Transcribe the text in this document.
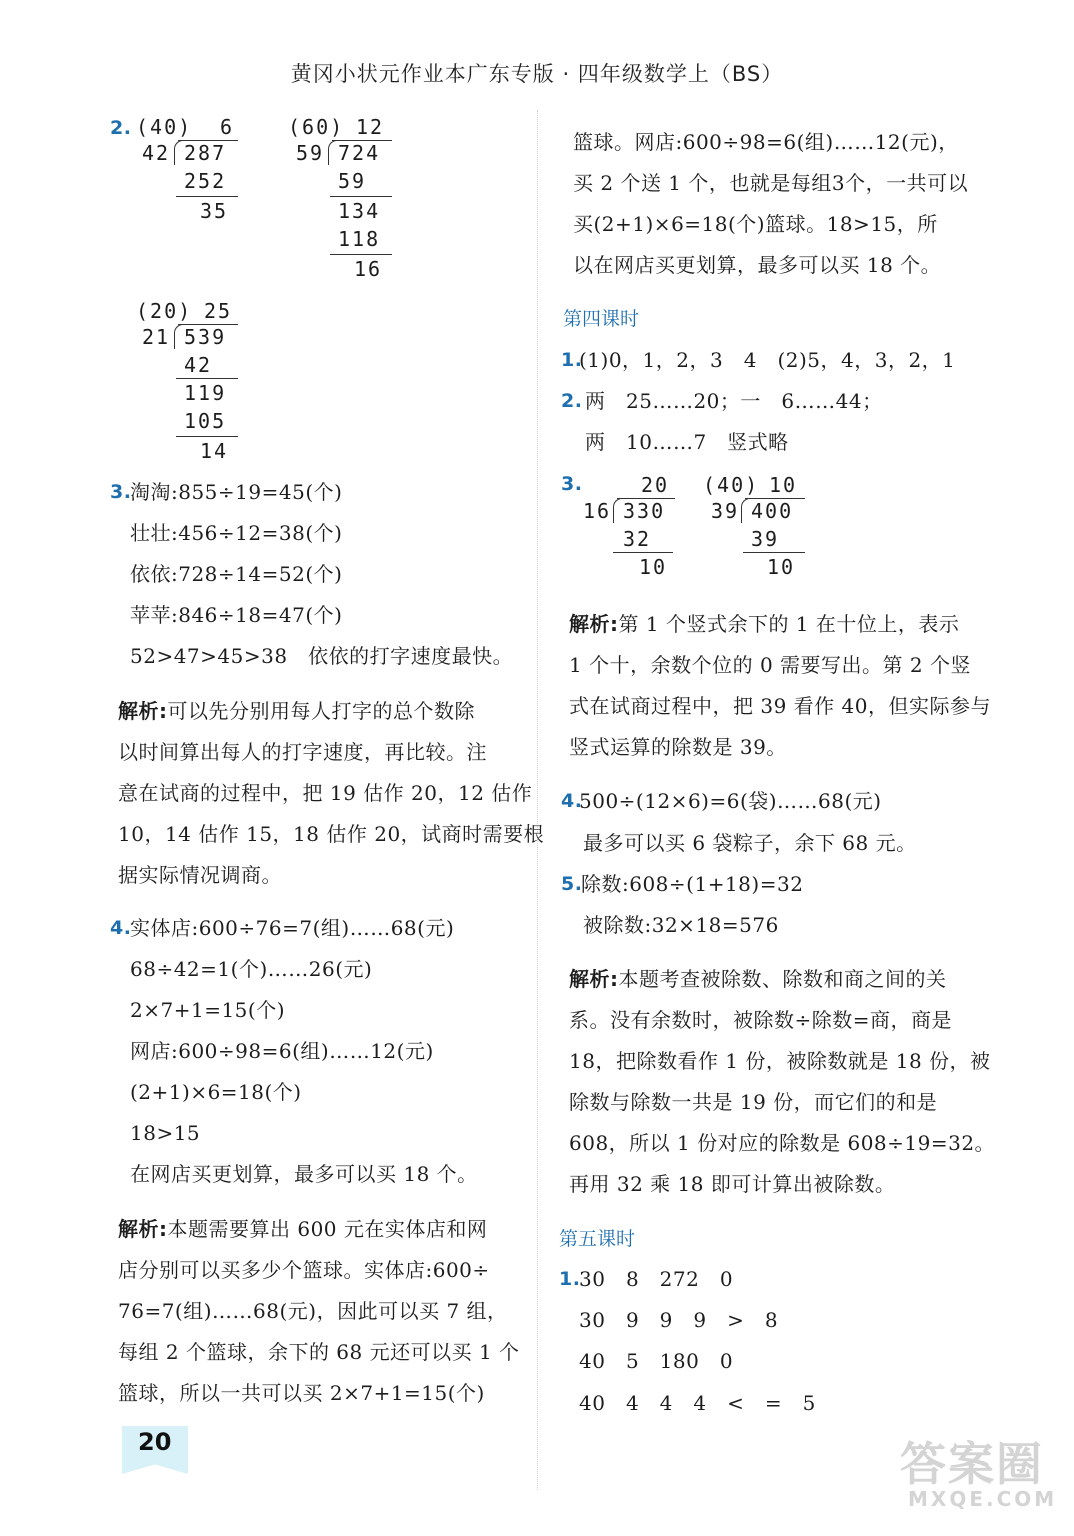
黄冈小状元作业本广东专版 · 四年级数学上（BS）
2. (40) 6
42 287
252
35
(60) 12
59 724
59
134
118
16
(20) 25
21 539
42
119
105
14
3.
淘淘:855÷19=45(个)
壮壮:456÷12=38(个)
依依:728÷14=52(个)
苹苹:846÷18=47(个)
52>47>45>38　依依的打字速度最快。
解析:可以先分别用每人打字的总个数除
以时间算出每人的打字速度，再比较。注
意在试商的过程中，把 19 估作 20，12 估作
10，14 估作 15，18 估作 20，试商时需要根
据实际情况调商。
4.
实体店:600÷76=7(组)……68(元)
68÷42=1(个)……26(元)
2×7+1=15(个)
网店:600÷98=6(组)……12(元)
(2+1)×6=18(个)
18>15
在网店买更划算，最多可以买 18 个。
解析:本题需要算出 600 元在实体店和网
店分别可以买多少个篮球。实体店:600÷
76=7(组)……68(元)，因此可以买 7 组，
每组 2 个篮球，余下的 68 元还可以买 1 个
篮球，所以一共可以买 2×7+1=15(个)
篮球。网店:600÷98=6(组)……12(元)，
买 2 个送 1 个，也就是每组3个，一共可以
买(2+1)×6=18(个)篮球。18>15，所
以在网店买更划算，最多可以买 18 个。
第四课时
1.
(1)0，1，2，3　4　(2)5，4，3，2，1
2. 两　25……20；一　6……44；
两　10……7　竖式略
3.	20
16 330
32
10
(40) 10
39 400
39
10
解析:第 1 个竖式余下的 1 在十位上，表示
1 个十，余数个位的 0 需要写出。第 2 个竖
式在试商过程中，把 39 看作 40，但实际参与
竖式运算的除数是 39。
4.
500÷(12×6)=6(袋)……68(元)
最多可以买 6 袋粽子，余下 68 元。
5.
除数:608÷(1+18)=32
被除数:32×18=576
解析:本题考查被除数、除数和商之间的关
系。没有余数时，被除数÷除数=商，商是
18，把除数看作 1 份，被除数就是 18 份，被
除数与除数一共是 19 份，而它们的和是
608，所以 1 份对应的除数是 608÷19=32。
再用 32 乘 18 即可计算出被除数。
第五课时
1.
30　8　272　0
30　9　9　9　>　8
40　5　180　0
40　4　4　4　<　=　5
20	答案圈
MXQE.COM
